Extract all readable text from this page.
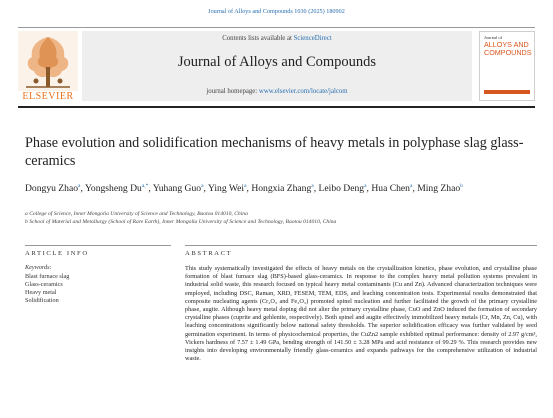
Journal of Alloys and Compounds 1030 (2025) 180902
ELSEVIER
Contents lists available at ScienceDirect
Journal of Alloys and Compounds
journal homepage: www.elsevier.com/locate/jalcom
Journal of
ALLOYS AND COMPOUNDS
Phase evolution and solidification mechanisms of heavy metals in polyphase slag glass-ceramics
Dongyu Zhao$^a$, Yongsheng $Du^{a,*}$, Yuhang Guo$^a$, Ying Wei$^a$, Hongxia Zhang$^a$, Leibo Deng$^a$, Hua Chen$^a$, Ming Zhao$^b$
a College of Science, Inner Mongolia University of Science and Technology, Baotou 014010, China
b School of Material and Metallurgy (School of Rare Earth), Inner Mongolia University of Science and Technology, Baotou 014010, China
ARTICLE INFO	ABSTRACT
Keywords:
Blast furnace slag
Glass-ceramics
Heavy metal
Solidification
This study systematically investigated the effects of heavy metals on the crystallization kinetics, phase evolution, and crystalline phase formation of blast furnace slag (BFS)-based glass-ceramics. In response to the complex heavy metal pollution systems prevalent in industrial solid waste, this research focused on typical heavy metal contaminants (Cu and Zn). Advanced characterization techniques were employed, including DSC, Raman, XRD, FESEM, TEM, EDS, and leaching concentration tests. Experimental results demonstrated that composite nucleating agents (Cr₂O₃ and Fe₂O₃) promoted spinel nucleation and further facilitated the growth of the primary crystalline phase, augite. Although heavy metal doping did not alter the primary crystalline phase, CuO and ZnO induced the formation of secondary crystalline phases (cuprite and gehlenite, respectively). Both spinel and augite effectively immobilized heavy metals (Cr, Mn, Zn, Cu), with leaching concentrations significantly below national safety thresholds. The superior solidification efficacy was further validated by seed germination experiment. In terms of physicochemical properties, the CuZn2 sample exhibited optimal performance: density of 2.97 g/cm³, Vickers hardness of 7.57 ± 1.49 GPa, bending strength of 141.50 ± 3.28 MPa and acid resistance of 99.29 %. This research provides new insights into developing environmentally friendly glass-ceramics and expands pathways for the comprehensive utilization of industrial waste.
